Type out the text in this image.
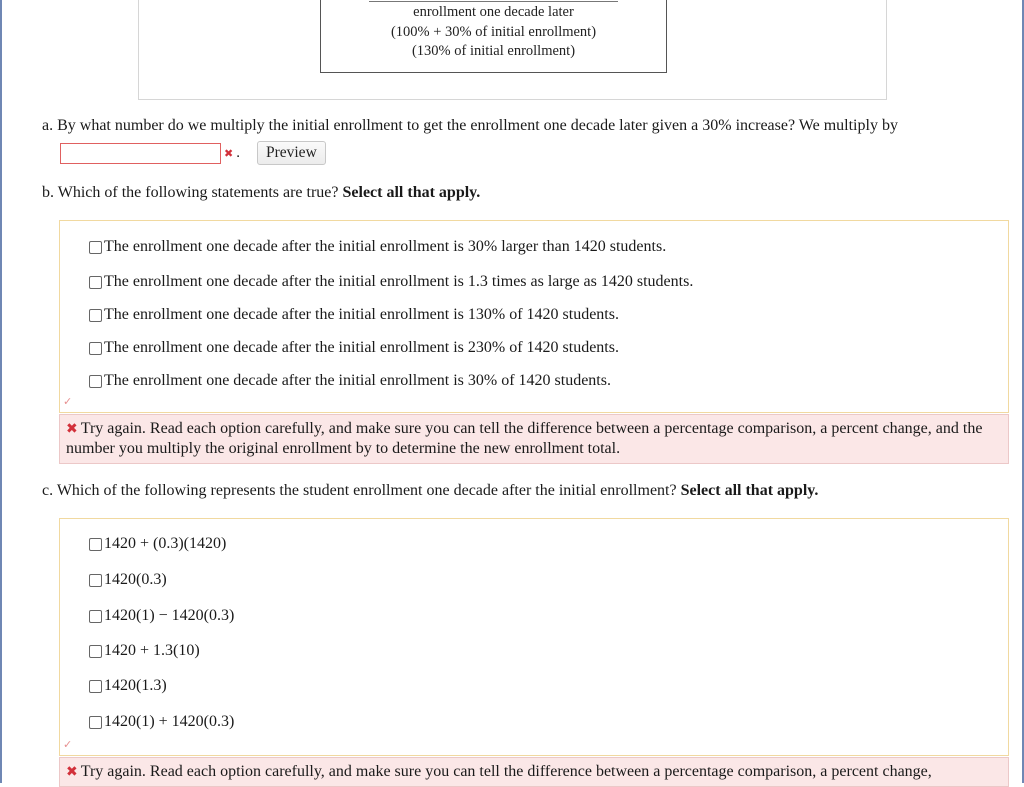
enrollment one decade later
(100% + 30% of initial enrollment)
(130% of initial enrollment)
a. By what number do we multiply the initial enrollment to get the enrollment one decade later given a 30% increase? We multiply by
✖ .	Preview
b. Which of the following statements are true? Select all that apply.
The enrollment one decade after the initial enrollment is 30% larger than 1420 students.
The enrollment one decade after the initial enrollment is 1.3 times as large as 1420 students.
The enrollment one decade after the initial enrollment is 130% of 1420 students.
The enrollment one decade after the initial enrollment is 230% of 1420 students.
The enrollment one decade after the initial enrollment is 30% of 1420 students.
✓
✖ Try again. Read each option carefully, and make sure you can tell the difference between a percentage comparison, a percent change, and the number you multiply the original enrollment by to determine the new enrollment total.
c. Which of the following represents the student enrollment one decade after the initial enrollment? Select all that apply.
1420 + (0.3)(1420)
1420(0.3)
1420(1) − 1420(0.3)
1420 + 1.3(10)
1420(1.3)
1420(1) + 1420(0.3)
✓
✖ Try again. Read each option carefully, and make sure you can tell the difference between a percentage comparison, a percent change,
